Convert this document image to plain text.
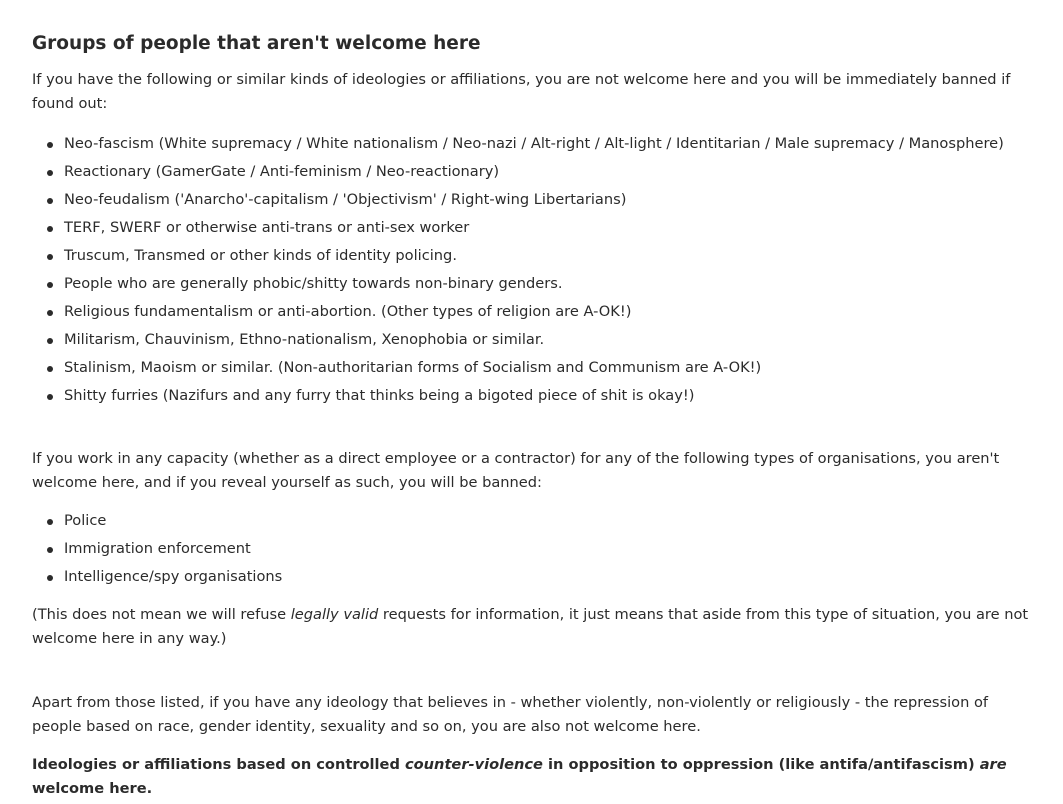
Groups of people that aren't welcome here

If you have the following or similar kinds of ideologies or affiliations, you are not welcome here and you will be immediately banned if found out:

Neo-fascism (White supremacy / White nationalism / Neo-nazi / Alt-right / Alt-light / Identitarian / Male supremacy / Manosphere)
Reactionary (GamerGate / Anti-feminism / Neo-reactionary)
Neo-feudalism ('Anarcho'-capitalism / 'Objectivism' / Right-wing Libertarians)
TERF, SWERF or otherwise anti-trans or anti-sex worker
Truscum, Transmed or other kinds of identity policing.
People who are generally phobic/shitty towards non-binary genders.
Religious fundamentalism or anti-abortion. (Other types of religion are A-OK!)
Militarism, Chauvinism, Ethno-nationalism, Xenophobia or similar.
Stalinism, Maoism or similar. (Non-authoritarian forms of Socialism and Communism are A-OK!)
Shitty furries (Nazifurs and any furry that thinks being a bigoted piece of shit is okay!)

If you work in any capacity (whether as a direct employee or a contractor) for any of the following types of organisations, you aren't welcome here, and if you reveal yourself as such, you will be banned:

Police
Immigration enforcement
Intelligence/spy organisations

(This does not mean we will refuse legally valid requests for information, it just means that aside from this type of situation, you are not welcome here in any way.)

Apart from those listed, if you have any ideology that believes in - whether violently, non-violently or religiously - the repression of people based on race, gender identity, sexuality and so on, you are also not welcome here.

Ideologies or affiliations based on controlled counter-violence in opposition to oppression (like antifa/antifascism) are welcome here.
